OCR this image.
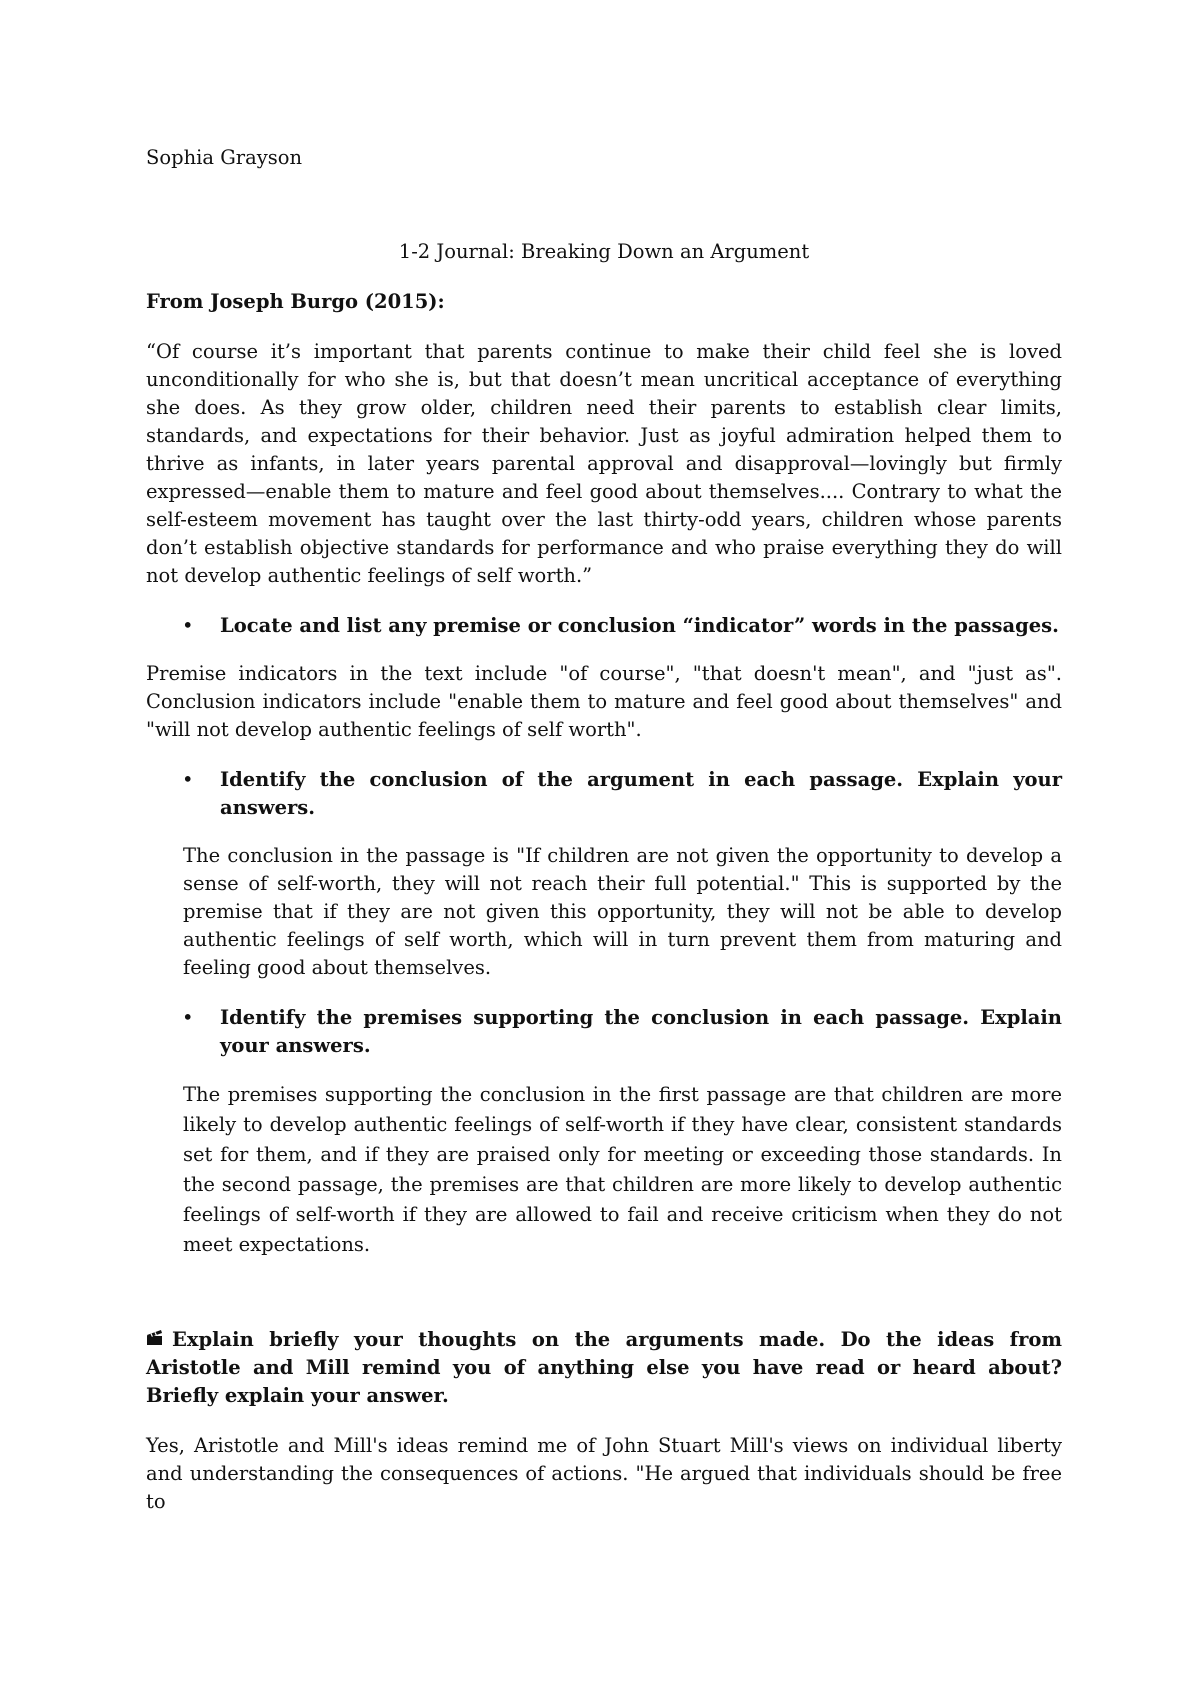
Sophia Grayson

1-2 Journal: Breaking Down an Argument

From Joseph Burgo (2015):

“Of course it’s important that parents continue to make their child feel she is loved unconditionally for who she is, but that doesn’t mean uncritical acceptance of everything she does. As they grow older, children need their parents to establish clear limits, standards, and expectations for their behavior. Just as joyful admiration helped them to thrive as infants, in later years parental approval and disapproval—lovingly but firmly expressed—enable them to mature and feel good about themselves.... Contrary to what the self-esteem movement has taught over the last thirty-odd years, children whose parents don’t establish objective standards for performance and who praise everything they do will not develop authentic feelings of self worth.”

• Locate and list any premise or conclusion “indicator” words in the passages.

Premise indicators in the text include "of course", "that doesn't mean", and "just as". Conclusion indicators include "enable them to mature and feel good about themselves" and "will not develop authentic feelings of self worth".

• Identify the conclusion of the argument in each passage. Explain your answers.

The conclusion in the passage is "If children are not given the opportunity to develop a sense of self-worth, they will not reach their full potential." This is supported by the premise that if they are not given this opportunity, they will not be able to develop authentic feelings of self worth, which will in turn prevent them from maturing and feeling good about themselves.

• Identify the premises supporting the conclusion in each passage. Explain your answers.

The premises supporting the conclusion in the first passage are that children are more likely to develop authentic feelings of self-worth if they have clear, consistent standards set for them, and if they are praised only for meeting or exceeding those standards. In the second passage, the premises are that children are more likely to develop authentic feelings of self-worth if they are allowed to fail and receive criticism when they do not meet expectations.

Explain briefly your thoughts on the arguments made. Do the ideas from Aristotle and Mill remind you of anything else you have read or heard about? Briefly explain your answer.

Yes, Aristotle and Mill's ideas remind me of John Stuart Mill's views on individual liberty and understanding the consequences of actions. "He argued that individuals should be free to
